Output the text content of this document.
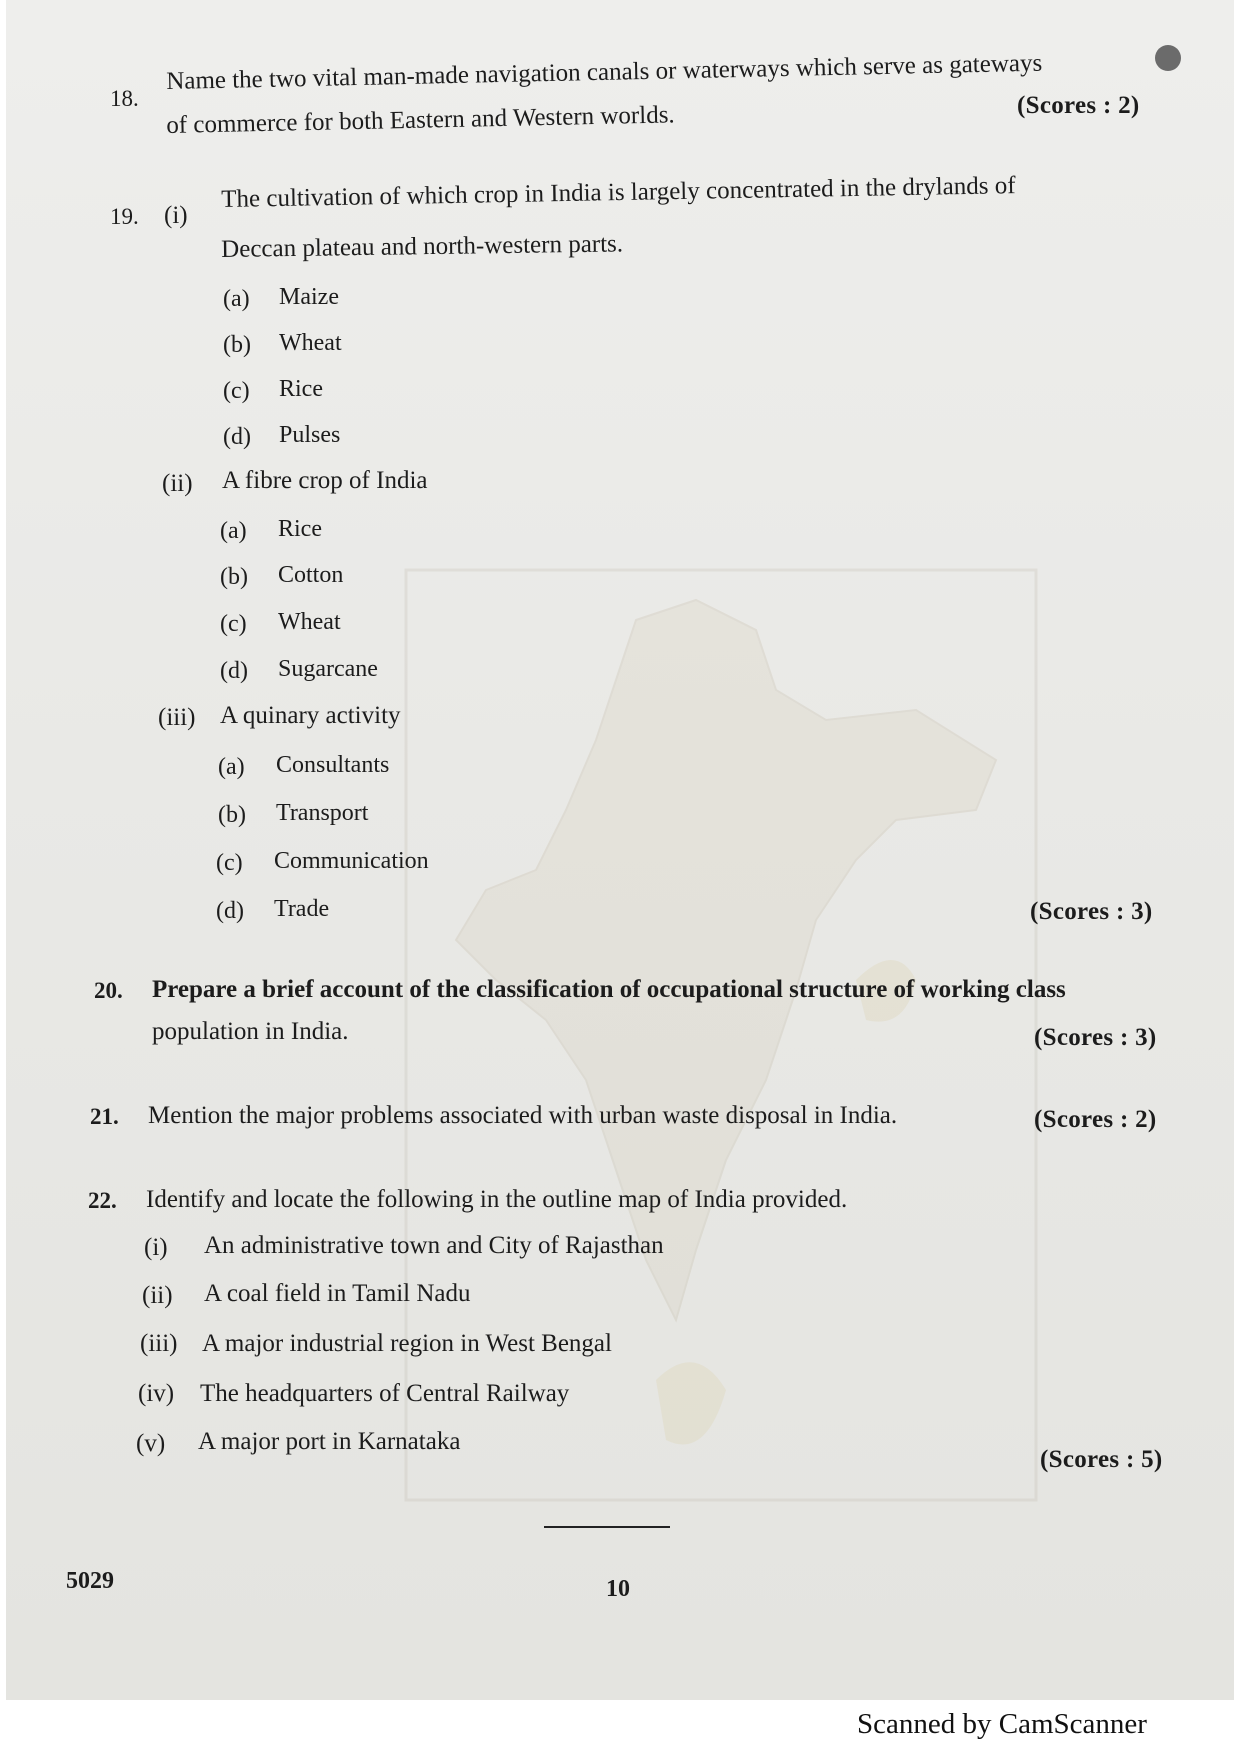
18.
Name the two vital man-made navigation canals or waterways which serve as gateways
of commerce for both Eastern and Western worlds.	(Scores : 2)
19. (i)
The cultivation of which crop in India is largely concentrated in the drylands of
Deccan plateau and north-western parts.
(a) Maize
(b) Wheat
(c) Rice
(d) Pulses
(ii) A fibre crop of India
(a) Rice
(b) Cotton
(c) Wheat
(d) Sugarcane
(iii) A quinary activity
(a) Consultants
(b) Transport
(c) Communication
(d) Trade	(Scores : 3)
20. Prepare a brief account of the classification of occupational structure of working class
population in India.	(Scores : 3)
21. Mention the major problems associated with urban waste disposal in India.	(Scores : 2)
22. Identify and locate the following in the outline map of India provided.
(i) An administrative town and City of Rajasthan
(ii) A coal field in Tamil Nadu
(iii) A major industrial region in West Bengal
(iv) The headquarters of Central Railway
(v) A major port in Karnataka
(Scores : 5)
5029	10
Scanned by CamScanner
